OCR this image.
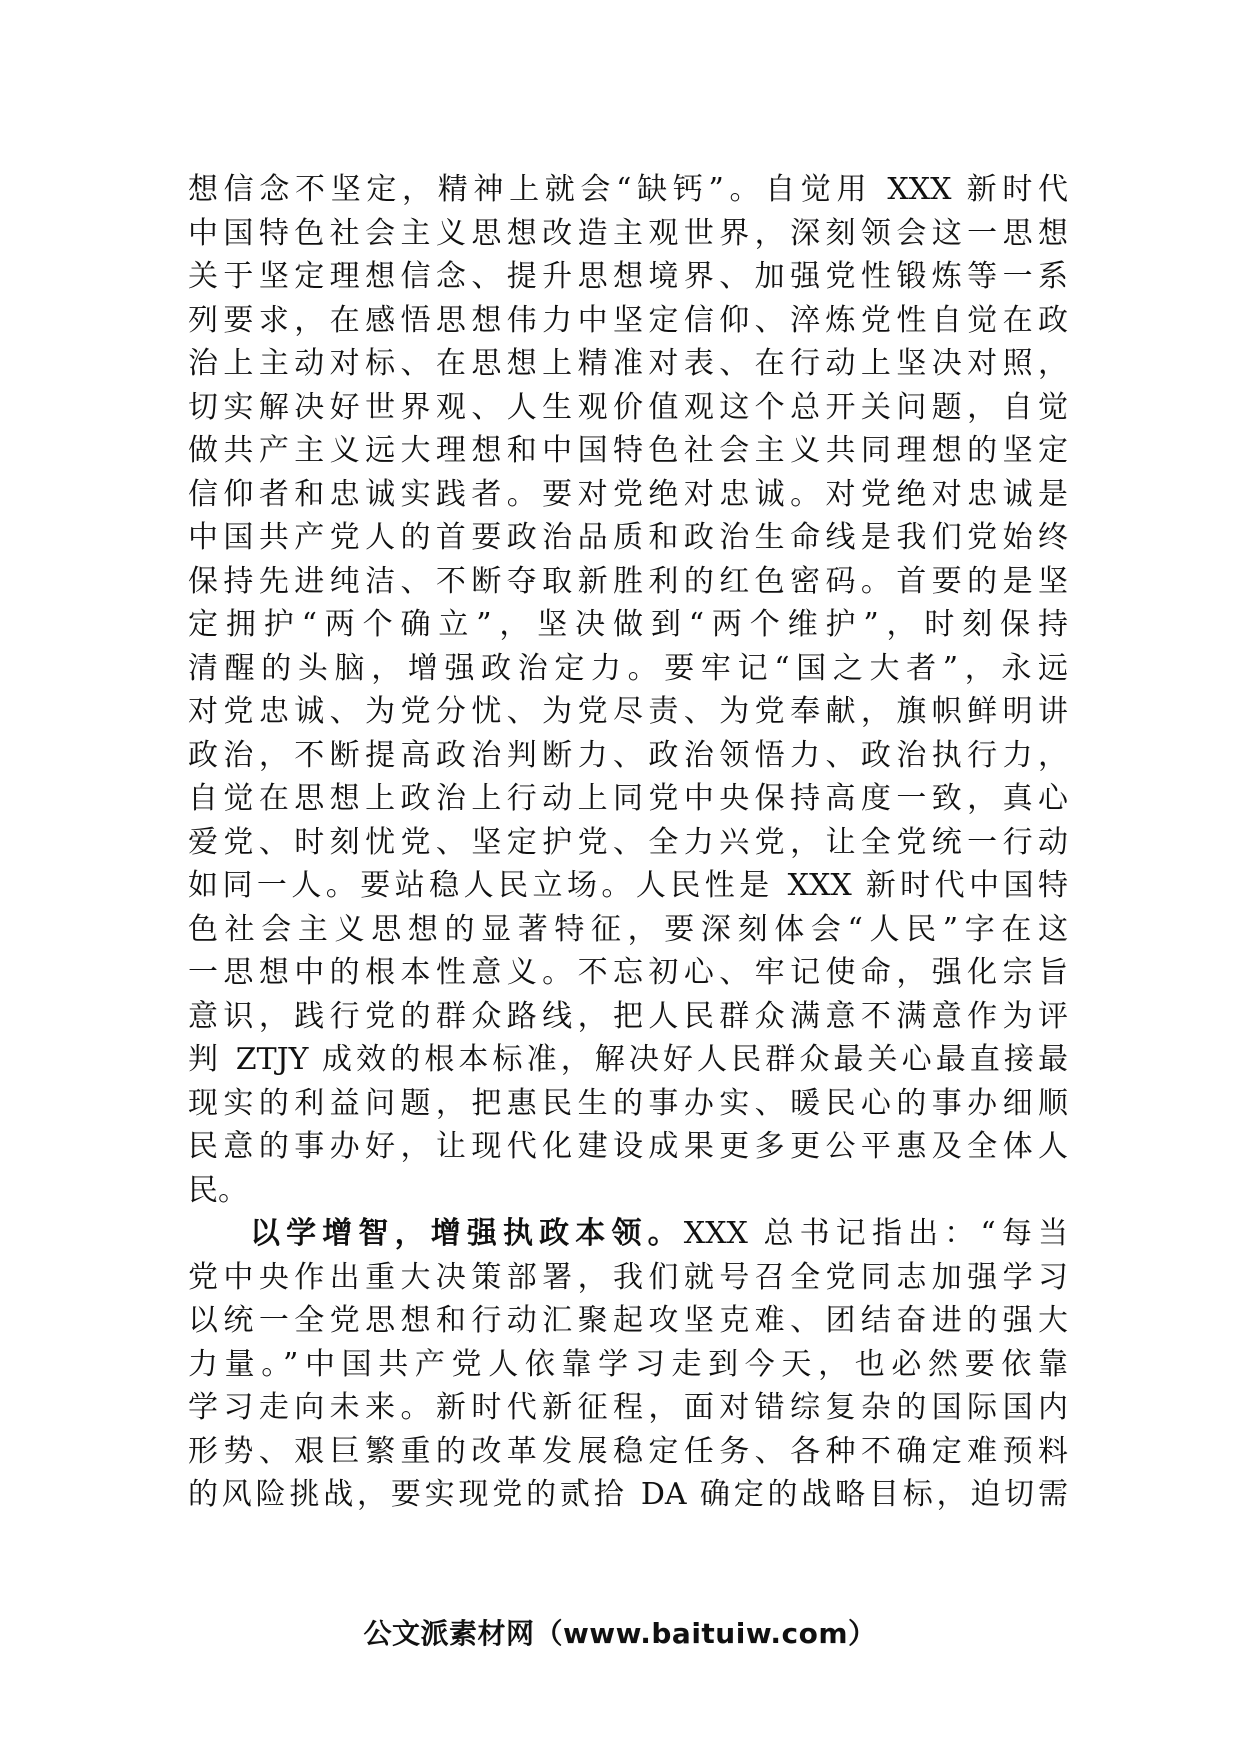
想信念不坚定，精神上就会“缺钙”。自觉用 XXX 新时代
中国特色社会主义思想改造主观世界，深刻领会这一思想
关于坚定理想信念、提升思想境界、加强党性锻炼等一系
列要求，在感悟思想伟力中坚定信仰、淬炼党性自觉在政
治上主动对标、在思想上精准对表、在行动上坚决对照，
切实解决好世界观、人生观价值观这个总开关问题，自觉
做共产主义远大理想和中国特色社会主义共同理想的坚定
信仰者和忠诚实践者。要对党绝对忠诚。对党绝对忠诚是
中国共产党人的首要政治品质和政治生命线是我们党始终
保持先进纯洁、不断夺取新胜利的红色密码。首要的是坚
定拥护“两个确立”，坚决做到“两个维护”，时刻保持
清醒的头脑，增强政治定力。要牢记“国之大者”，永远
对党忠诚、为党分忧、为党尽责、为党奉献，旗帜鲜明讲
政治，不断提高政治判断力、政治领悟力、政治执行力，
自觉在思想上政治上行动上同党中央保持高度一致，真心
爱党、时刻忧党、坚定护党、全力兴党，让全党统一行动
如同一人。要站稳人民立场。人民性是 XXX 新时代中国特
色社会主义思想的显著特征，要深刻体会“人民”字在这
一思想中的根本性意义。不忘初心、牢记使命，强化宗旨
意识，践行党的群众路线，把人民群众满意不满意作为评
判 ZTJY 成效的根本标准，解决好人民群众最关心最直接最
现实的利益问题，把惠民生的事办实、暖民心的事办细顺
民意的事办好，让现代化建设成果更多更公平惠及全体人
民。
以学增智，增强执政本领。XXX 总书记指出：“每当
党中央作出重大决策部署，我们就号召全党同志加强学习
以统一全党思想和行动汇聚起攻坚克难、团结奋进的强大
力量。”中国共产党人依靠学习走到今天，也必然要依靠
学习走向未来。新时代新征程，面对错综复杂的国际国内
形势、艰巨繁重的改革发展稳定任务、各种不确定难预料
的风险挑战，要实现党的贰拾 DA 确定的战略目标，迫切需
公文派素材网（www.baituiw.com）
